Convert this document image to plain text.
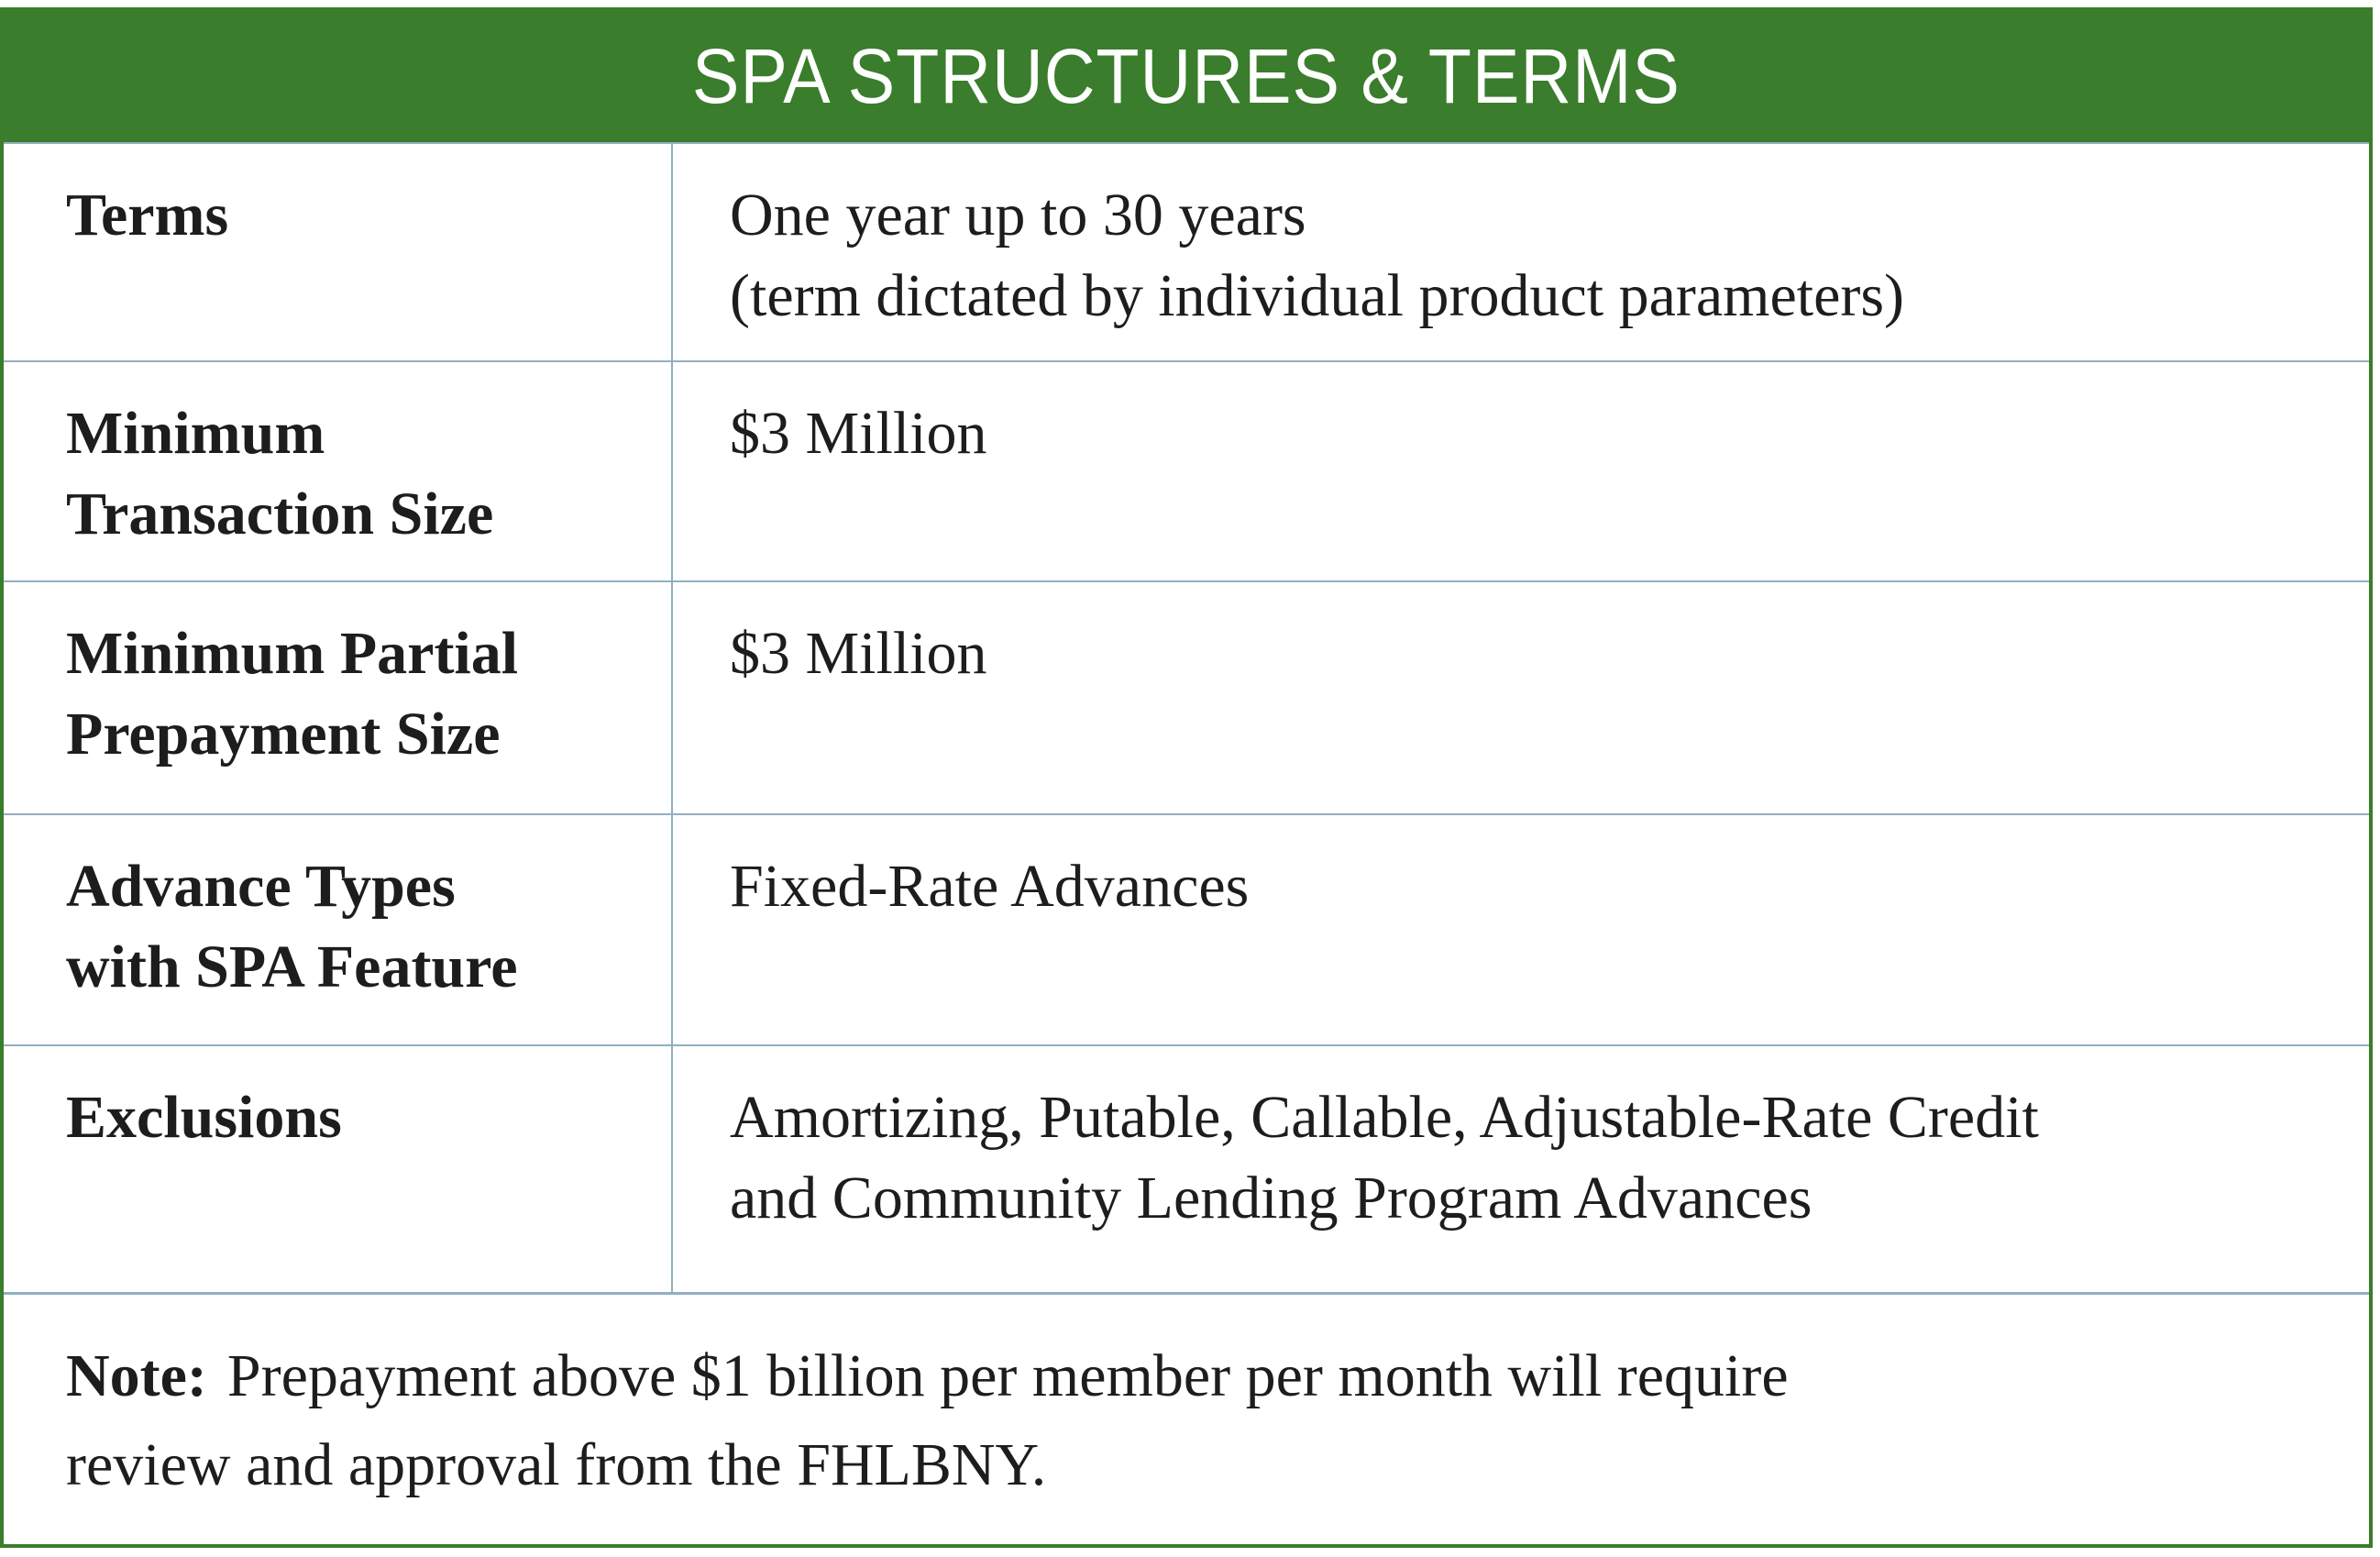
SPA STRUCTURES & TERMS
Terms	One year up to 30 years
(term dictated by individual product parameters)
Minimum
Transaction Size
$3 Million
Minimum Partial
Prepayment Size
$3 Million
Advance Types
with SPA Feature
Fixed-Rate Advances
Exclusions	Amortizing, Putable, Callable, Adjustable-Rate Credit
and Community Lending Program Advances
Note: Prepayment above $1 billion per member per month will require
review and approval from the FHLBNY.
